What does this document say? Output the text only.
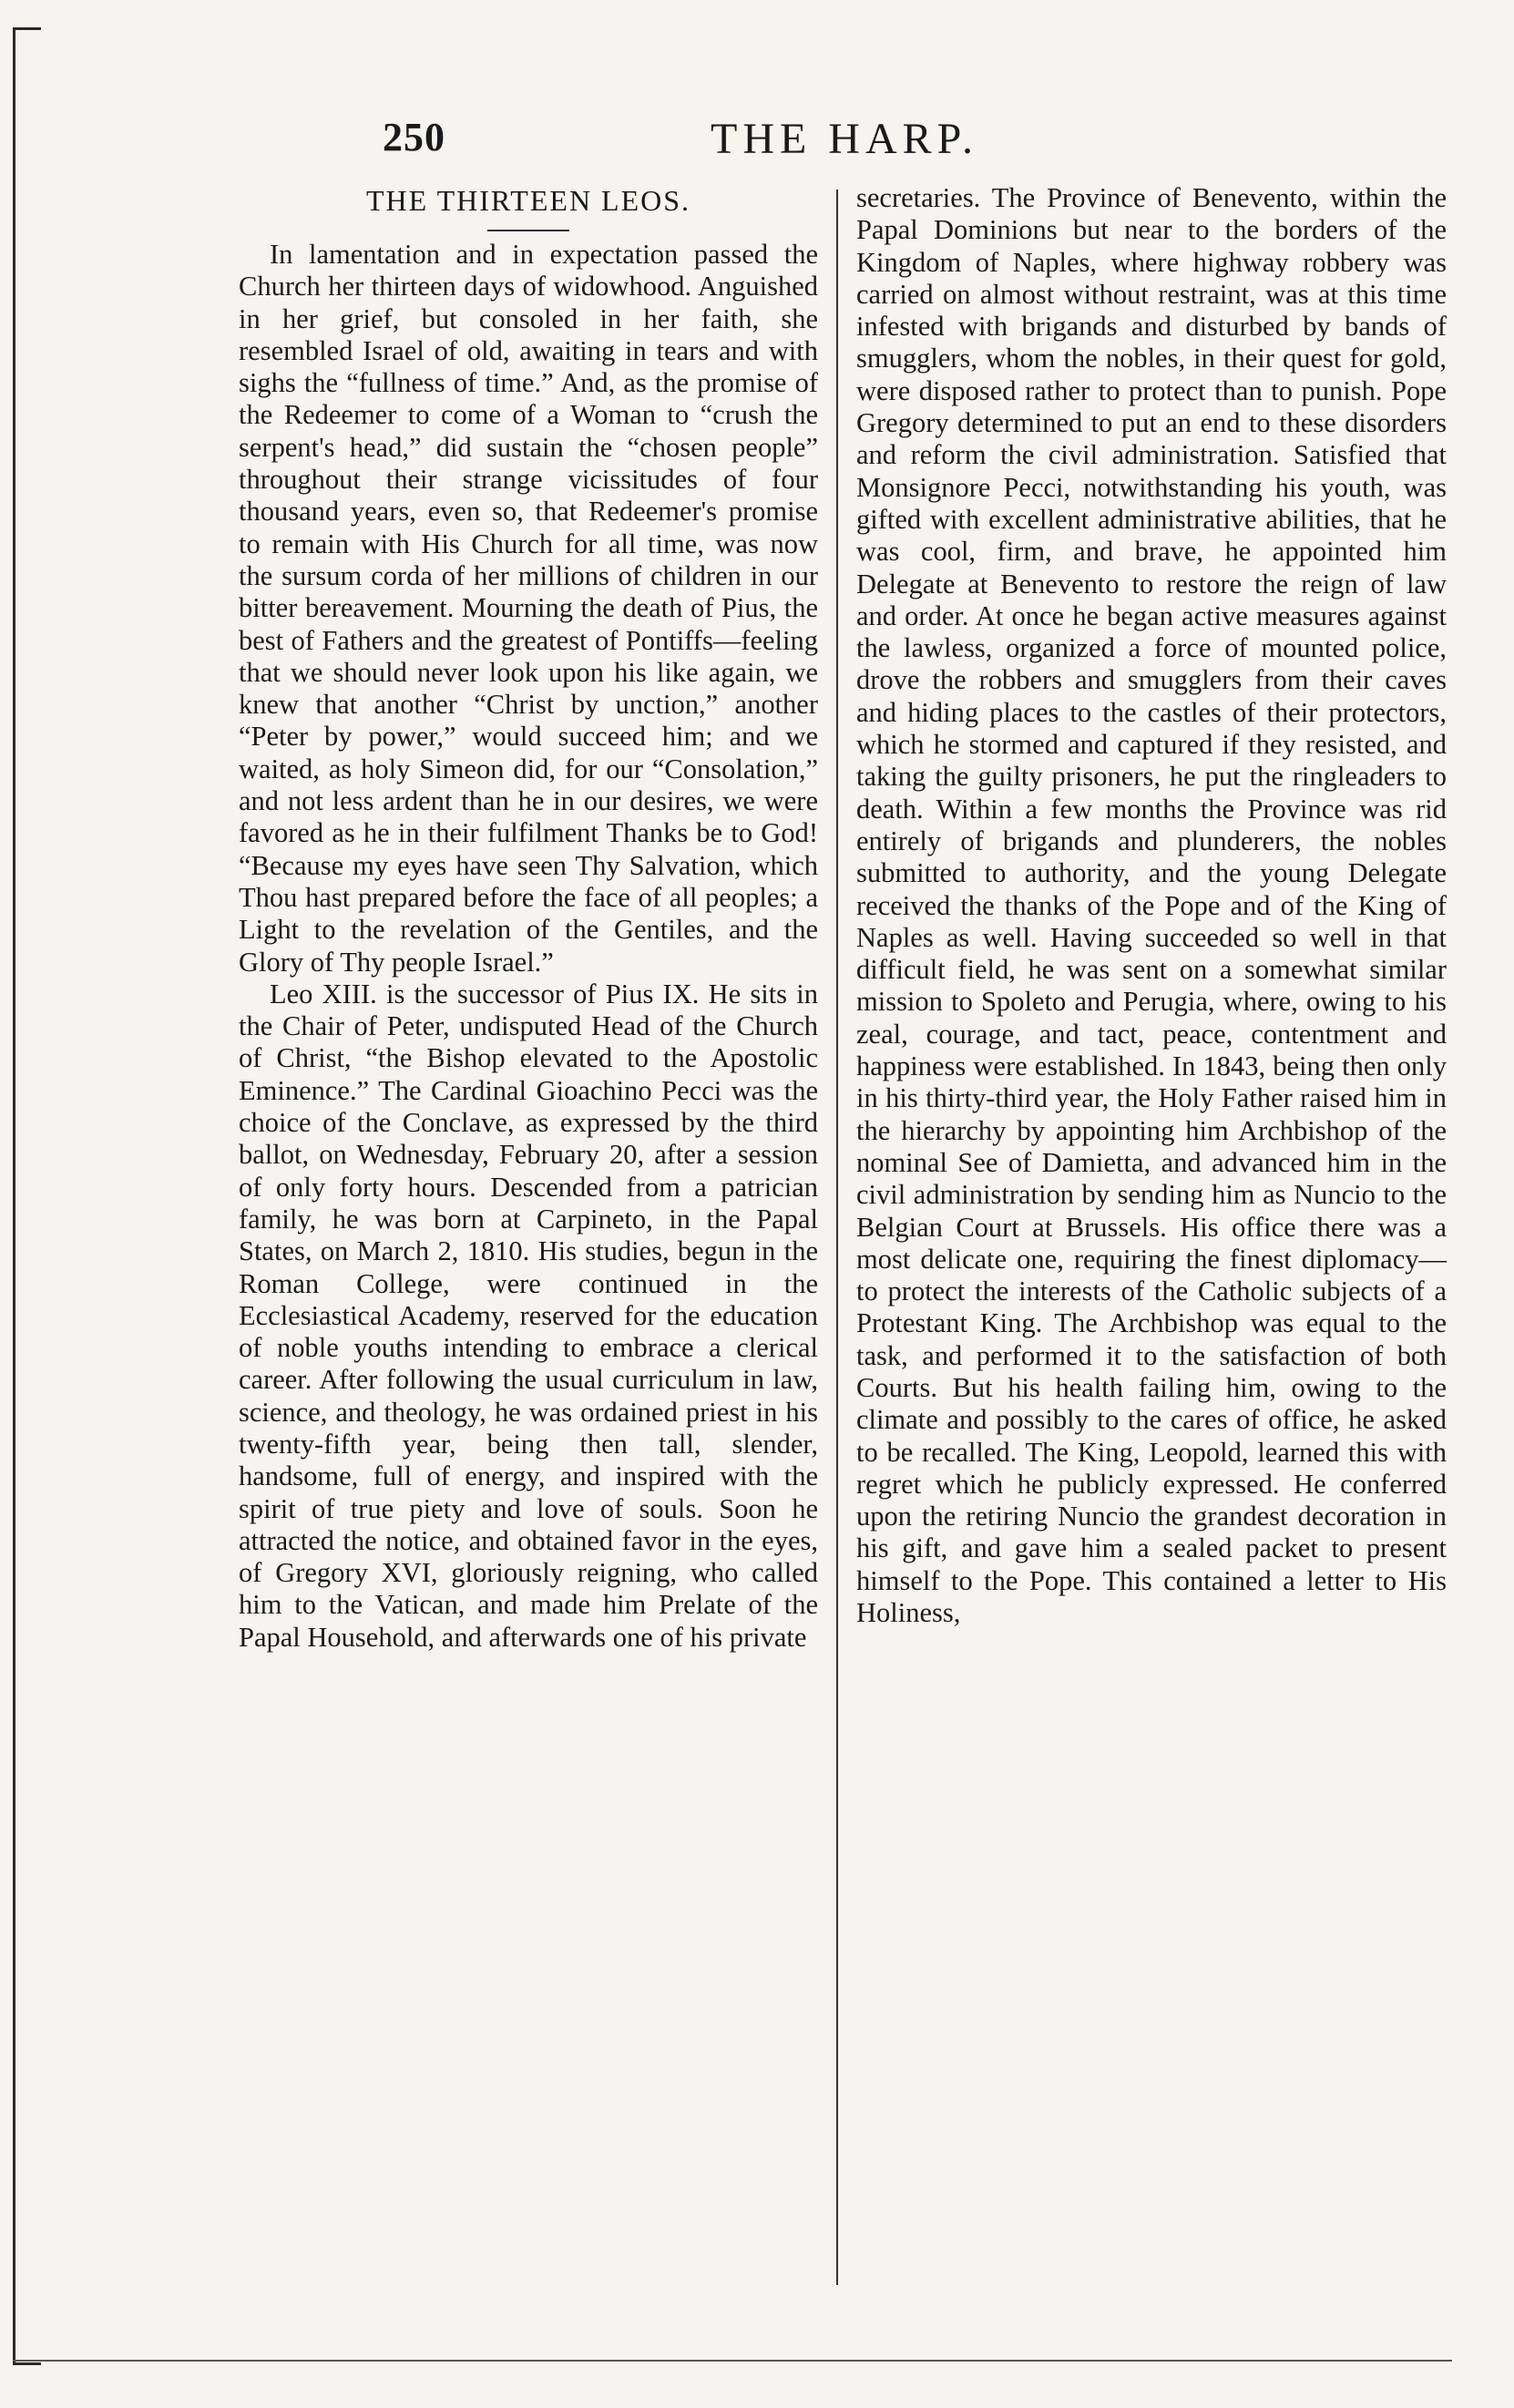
250	THE HARP.
THE THIRTEEN LEOS.

In lamentation and in expectation passed the Church her thirteen days of widowhood. Anguished in her grief, but consoled in her faith, she resembled Israel of old, awaiting in tears and with sighs the “fullness of time.” And, as the promise of the Redeemer to come of a Woman to “crush the serpent's head,” did sustain the “chosen people” throughout their strange vicissitudes of four thousand years, even so, that Redeemer's promise to remain with His Church for all time, was now the sursum corda of her millions of children in our bitter bereavement. Mourning the death of Pius, the best of Fathers and the greatest of Pontiffs—feeling that we should never look upon his like again, we knew that another “Christ by unction,” another “Peter by power,” would succeed him; and we waited, as holy Simeon did, for our “Consolation,” and not less ardent than he in our desires, we were favored as he in their fulfilment Thanks be to God! “Because my eyes have seen Thy Salvation, which Thou hast prepared before the face of all peoples; a Light to the revelation of the Gentiles, and the Glory of Thy people Israel.”

Leo XIII. is the successor of Pius IX. He sits in the Chair of Peter, undisputed Head of the Church of Christ, “the Bishop elevated to the Apostolic Eminence.” The Cardinal Gioachino Pecci was the choice of the Conclave, as expressed by the third ballot, on Wednesday, February 20, after a session of only forty hours. Descended from a patrician family, he was born at Carpineto, in the Papal States, on March 2, 1810. His studies, begun in the Roman College, were continued in the Ecclesiastical Academy, reserved for the education of noble youths intending to embrace a clerical career. After following the usual curriculum in law, science, and theology, he was ordained priest in his twenty-fifth year, being then tall, slender, handsome, full of energy, and inspired with the spirit of true piety and love of souls. Soon he attracted the notice, and obtained favor in the eyes, of Gregory XVI, gloriously reigning, who called him to the Vatican, and made him Prelate of the Papal Household, and afterwards one of his private

secretaries. The Province of Benevento, within the Papal Dominions but near to the borders of the Kingdom of Naples, where highway robbery was carried on almost without restraint, was at this time infested with brigands and disturbed by bands of smugglers, whom the nobles, in their quest for gold, were disposed rather to protect than to punish. Pope Gregory determined to put an end to these disorders and reform the civil administration. Satisfied that Monsignore Pecci, notwithstanding his youth, was gifted with excellent administrative abilities, that he was cool, firm, and brave, he appointed him Delegate at Benevento to restore the reign of law and order. At once he began active measures against the lawless, organized a force of mounted police, drove the robbers and smugglers from their caves and hiding places to the castles of their protectors, which he stormed and captured if they resisted, and taking the guilty prisoners, he put the ringleaders to death. Within a few months the Province was rid entirely of brigands and plunderers, the nobles submitted to authority, and the young Delegate received the thanks of the Pope and of the King of Naples as well. Having succeeded so well in that difficult field, he was sent on a somewhat similar mission to Spoleto and Perugia, where, owing to his zeal, courage, and tact, peace, contentment and happiness were established. In 1843, being then only in his thirty-third year, the Holy Father raised him in the hierarchy by appointing him Archbishop of the nominal See of Damietta, and advanced him in the civil administration by sending him as Nuncio to the Belgian Court at Brussels. His office there was a most delicate one, requiring the finest diplomacy—to protect the interests of the Catholic subjects of a Protestant King. The Archbishop was equal to the task, and performed it to the satisfaction of both Courts. But his health failing him, owing to the climate and possibly to the cares of office, he asked to be recalled. The King, Leopold, learned this with regret which he publicly expressed. He conferred upon the retiring Nuncio the grandest decoration in his gift, and gave him a sealed packet to present himself to the Pope. This contained a letter to His Holiness,
